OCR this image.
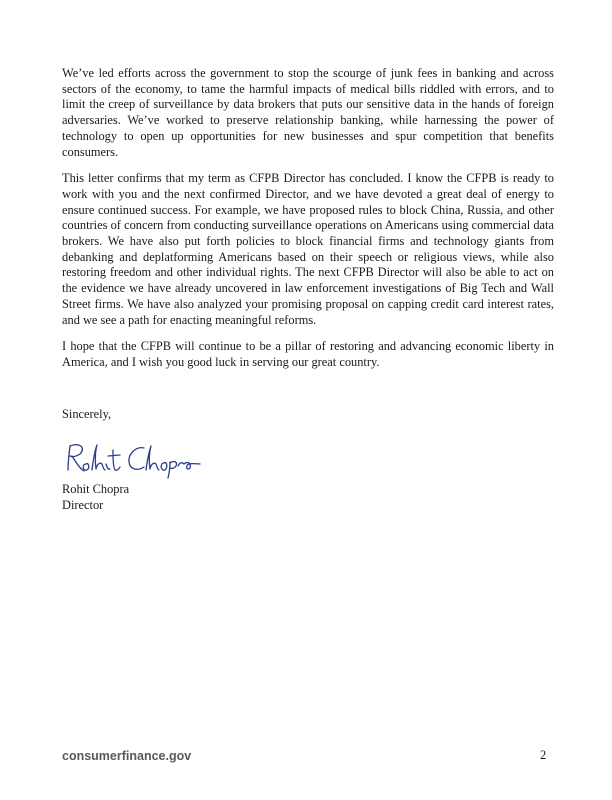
We’ve led efforts across the government to stop the scourge of junk fees in banking and across sectors of the economy, to tame the harmful impacts of medical bills riddled with errors, and to limit the creep of surveillance by data brokers that puts our sensitive data in the hands of foreign adversaries. We’ve worked to preserve relationship banking, while harnessing the power of technology to open up opportunities for new businesses and spur competition that benefits consumers.

This letter confirms that my term as CFPB Director has concluded. I know the CFPB is ready to work with you and the next confirmed Director, and we have devoted a great deal of energy to ensure continued success. For example, we have proposed rules to block China, Russia, and other countries of concern from conducting surveillance operations on Americans using commercial data brokers. We have also put forth policies to block financial firms and technology giants from debanking and deplatforming Americans based on their speech or religious views, while also restoring freedom and other individual rights. The next CFPB Director will also be able to act on the evidence we have already uncovered in law enforcement investigations of Big Tech and Wall Street firms. We have also analyzed your promising proposal on capping credit card interest rates, and we see a path for enacting meaningful reforms.

I hope that the CFPB will continue to be a pillar of restoring and advancing economic liberty in America, and I wish you good luck in serving our great country.

Sincerely,
Rohit Chopra
Director
consumerfinance.gov	2
